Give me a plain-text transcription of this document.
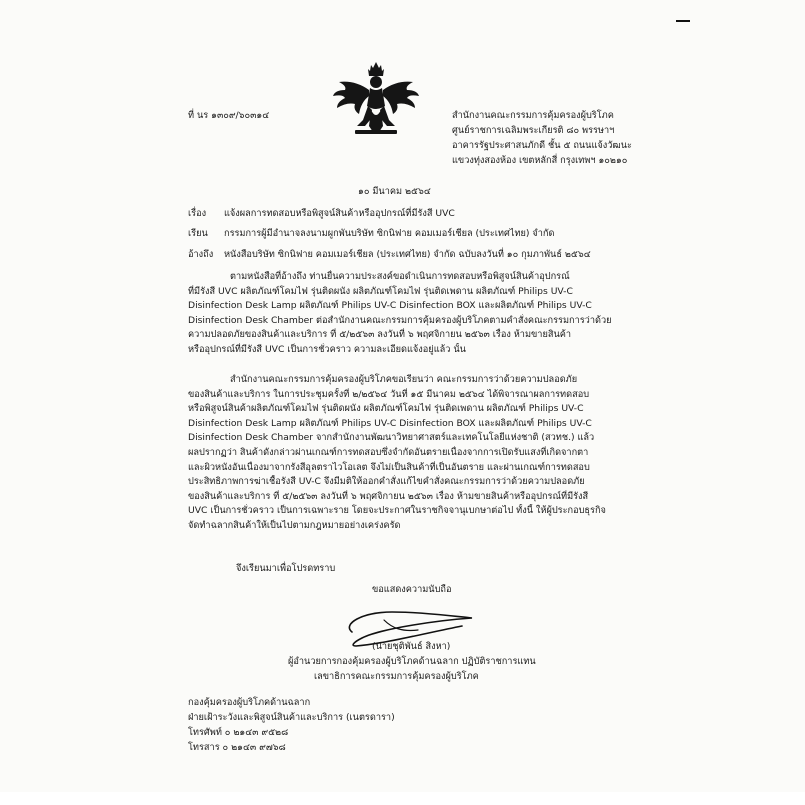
ที่ นร ๑๓๐๙/๖๐๓๑๔	สำนักงานคณะกรรมการคุ้มครองผู้บริโภค
ศูนย์ราชการเฉลิมพระเกียรติ ๘๐ พรรษาฯ
อาคารรัฐประศาสนภักดี ชั้น ๕ ถนนแจ้งวัฒนะ
แขวงทุ่งสองห้อง เขตหลักสี่ กรุงเทพฯ ๑๐๒๑๐
๑๐ มีนาคม ๒๕๖๔
เรื่อง แจ้งผลการทดสอบหรือพิสูจน์สินค้าหรืออุปกรณ์ที่มีรังสี UVC
เรียน กรรมการผู้มีอำนาจลงนามผูกพันบริษัท ซิกนิฟาย คอมเมอร์เชียล (ประเทศไทย) จำกัด
อ้างถึง หนังสือบริษัท ซิกนิฟาย คอมเมอร์เชียล (ประเทศไทย) จำกัด ฉบับลงวันที่ ๑๐ กุมภาพันธ์ ๒๕๖๔
ตามหนังสือที่อ้างถึง ท่านยื่นความประสงค์ขอดำเนินการทดสอบหรือพิสูจน์สินค้าอุปกรณ์
ที่มีรังสี UVC ผลิตภัณฑ์โคมไฟ รุ่นติดผนัง ผลิตภัณฑ์โคมไฟ รุ่นติดเพดาน ผลิตภัณฑ์ Philips UV-C
Disinfection Desk Lamp ผลิตภัณฑ์ Philips UV-C Disinfection BOX และผลิตภัณฑ์ Philips UV-C
Disinfection Desk Chamber ต่อสำนักงานคณะกรรมการคุ้มครองผู้บริโภคตามคำสั่งคณะกรรมการว่าด้วย
ความปลอดภัยของสินค้าและบริการ ที่ ๕/๒๕๖๓ ลงวันที่ ๖ พฤศจิกายน ๒๕๖๓ เรื่อง ห้ามขายสินค้า
หรืออุปกรณ์ที่มีรังสี UVC เป็นการชั่วคราว ความละเอียดแจ้งอยู่แล้ว นั้น
สำนักงานคณะกรรมการคุ้มครองผู้บริโภคขอเรียนว่า คณะกรรมการว่าด้วยความปลอดภัย
ของสินค้าและบริการ ในการประชุมครั้งที่ ๒/๒๕๖๔ วันที่ ๑๕ มีนาคม ๒๕๖๔ ได้พิจารณาผลการทดสอบ
หรือพิสูจน์สินค้าผลิตภัณฑ์โคมไฟ รุ่นติดผนัง ผลิตภัณฑ์โคมไฟ รุ่นติดเพดาน ผลิตภัณฑ์ Philips UV-C
Disinfection Desk Lamp ผลิตภัณฑ์ Philips UV-C Disinfection BOX และผลิตภัณฑ์ Philips UV-C
Disinfection Desk Chamber จากสำนักงานพัฒนาวิทยาศาสตร์และเทคโนโลยีแห่งชาติ (สวทช.) แล้ว
ผลปรากฏว่า สินค้าดังกล่าวผ่านเกณฑ์การทดสอบซึ่งจำกัดอันตรายเนื่องจากการเปิดรับแสงที่เกิดจากตา
และผิวหนังอันเนื่องมาจากรังสีอุลตราไวโอเลต จึงไม่เป็นสินค้าที่เป็นอันตราย และผ่านเกณฑ์การทดสอบ
ประสิทธิภาพการฆ่าเชื้อรังสี UV-C จึงมีมติให้ออกคำสั่งแก้ไขคำสั่งคณะกรรมการว่าด้วยความปลอดภัย
ของสินค้าและบริการ ที่ ๕/๒๕๖๓ ลงวันที่ ๖ พฤศจิกายน ๒๕๖๓ เรื่อง ห้ามขายสินค้าหรืออุปกรณ์ที่มีรังสี
UVC เป็นการชั่วคราว เป็นการเฉพาะราย โดยจะประกาศในราชกิจจานุเบกษาต่อไป ทั้งนี้ ให้ผู้ประกอบธุรกิจ
จัดทำฉลากสินค้าให้เป็นไปตามกฎหมายอย่างเคร่งครัด
จึงเรียนมาเพื่อโปรดทราบ
ขอแสดงความนับถือ
(นายชุติพันธ์ สิงหา)
ผู้อำนวยการกองคุ้มครองผู้บริโภคด้านฉลาก ปฏิบัติราชการแทน
เลขาธิการคณะกรรมการคุ้มครองผู้บริโภค
กองคุ้มครองผู้บริโภคด้านฉลาก
ฝ่ายเฝ้าระวังและพิสูจน์สินค้าและบริการ (เนตรดารา)
โทรศัพท์ ๐ ๒๑๔๓ ๙๕๒๘
โทรสาร ๐ ๒๑๔๓ ๙๗๖๘
